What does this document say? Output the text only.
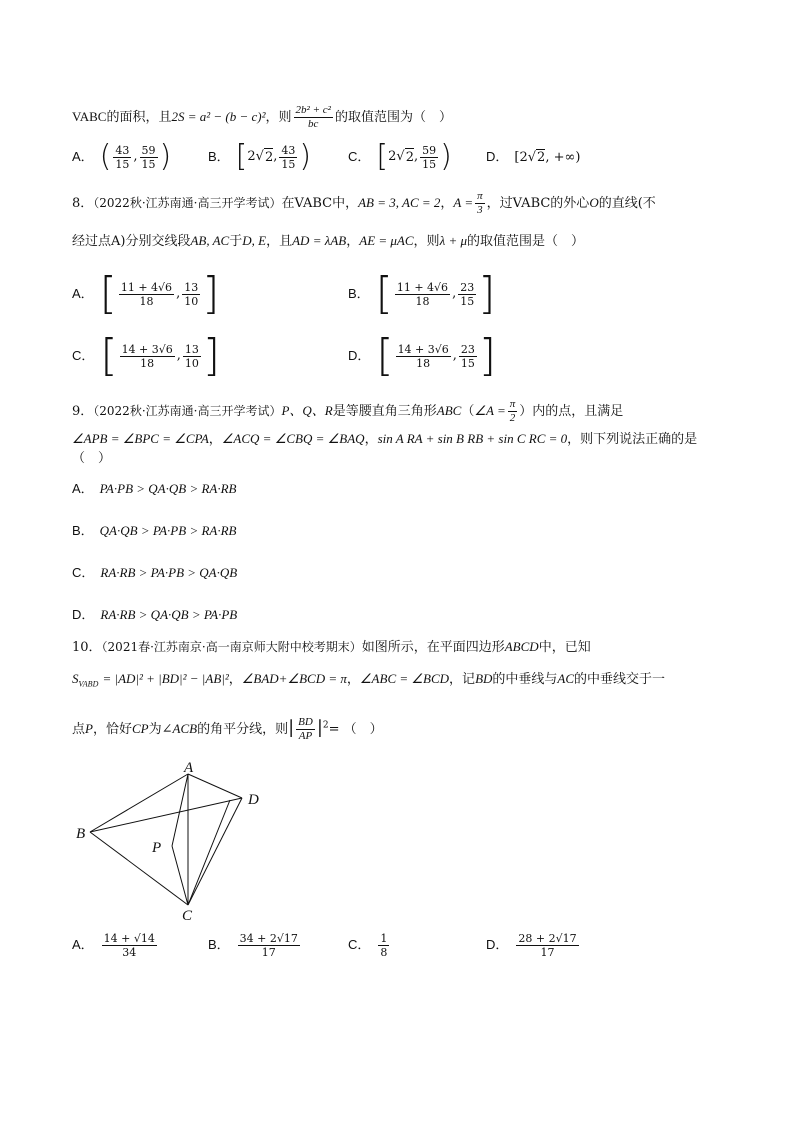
VABC的面积，且2S = a² − (b − c)²，则 $\frac{\text{2b² + c²}}{bc}$ 的取值范围为（　）
A． ( $\frac{43}{15}$ , $\frac{59}{15}$ )	B． [ 2 √ 2 , $\frac{43}{15}$ )	C． [ 2 √ 2 , $\frac{59}{15}$ )	D． [2√2, +∞)
8．（2022秋·江苏南通·高三开学考试）在VABC中，AB = 3, AC = 2，$A = \frac{\pi}{3}$ ，过VABC的外心O的直线(不
经过点A)分别交线段AB, AC于D, E，且AD = λAB，AE = μAC，则λ + μ的取值范围是（　）
A． [ $\frac{11 + 4√6}{18}$ , $\frac{13}{10}$ ]	B． [ $\frac{11 + 4√6}{18}$ , $\frac{23}{15}$ ]
C． [ $\frac{14 + 3√6}{18}$ , $\frac{13}{10}$ ]	D． [ $\frac{14 + 3√6}{18}$ , $\frac{23}{15}$ ]
9．（2022秋·江苏南通·高三开学考试）P、Q、R是等腰直角三角形ABC（∠A = $\frac{\pi}{2}$ ）内的点，且满足
∠APB = ∠BPC = ∠CPA，∠ACQ = ∠CBQ = ∠BAQ，sin A RA + sin B RB + sin C RC = 0，则下列说法正确的是
（　）
A． PA·PB > QA·QB > RA·RB
B． QA·QB > PA·PB > RA·RB
C． RA·RB > PA·PB > QA·QB
D． RA·RB > QA·QB > PA·PB
10．（2021春·江苏南京·高一南京师大附中校考期末）如图所示，在平面四边形ABCD中，已知
$S_{VABD} = |AD|^2 + |BD|^2 - |AB|^2$，∠BAD+∠BCD = π，∠ABC = ∠BCD，记BD的中垂线与AC的中垂线交于一
点P，恰好CP为∠ACB的角平分线，则| $\frac{BD}{AP} |^2=$ （　）
A
B
C
D
P
A． $\frac{14 + √14}{34}$	B． $\frac{34 + 2√17}{17}$	C． $\frac{1}{8}$	D． $\frac{28 + 2√17}{17}$
